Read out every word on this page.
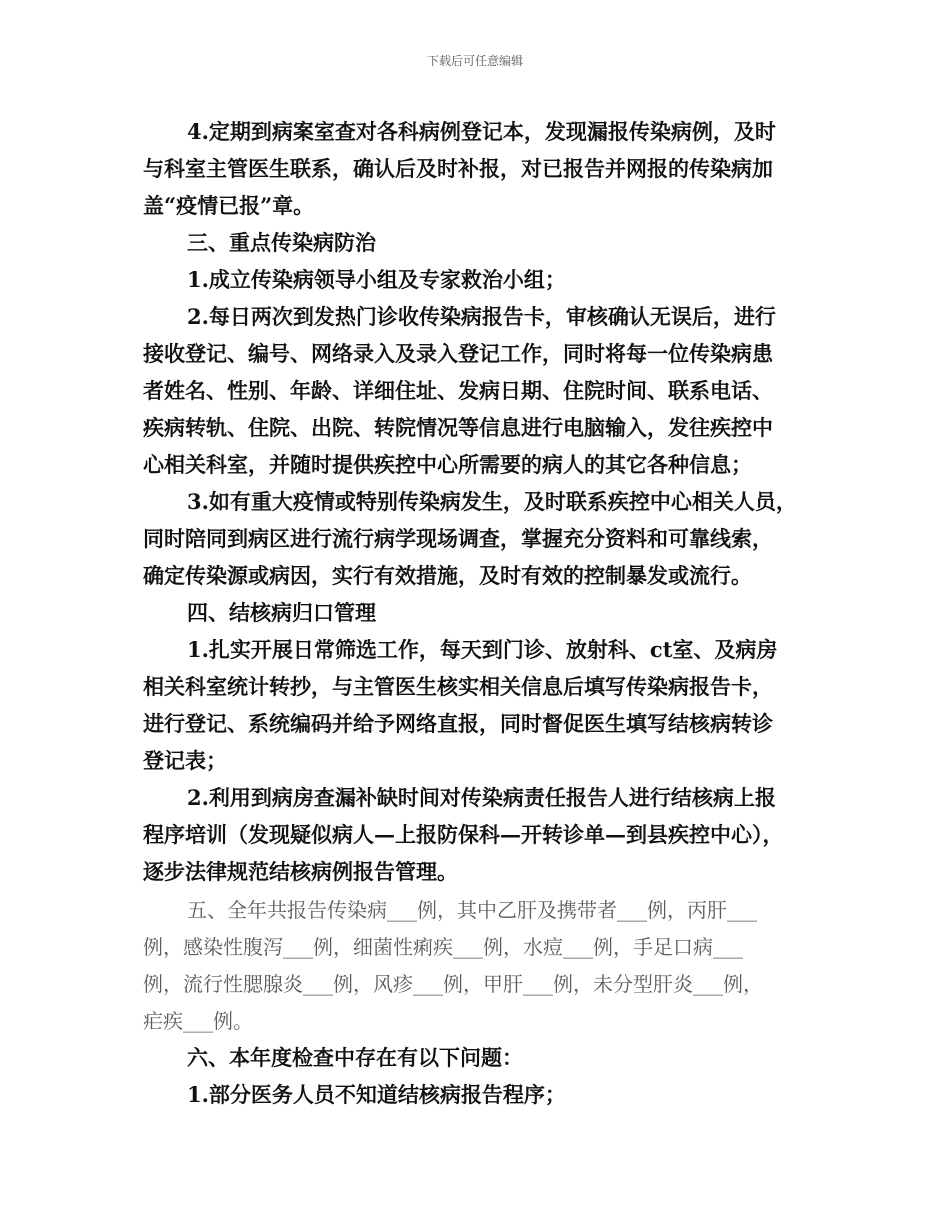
下载后可任意编辑
4.定期到病案室查对各科病例登记本，发现漏报传染病例，及时
与科室主管医生联系，确认后及时补报，对已报告并网报的传染病加
盖“疫情已报”章。
三、重点传染病防治
1.成立传染病领导小组及专家救治小组；
2.每日两次到发热门诊收传染病报告卡，审核确认无误后，进行
接收登记、编号、网络录入及录入登记工作，同时将每一位传染病患
者姓名、性别、年龄、详细住址、发病日期、住院时间、联系电话、
疾病转轨、住院、出院、转院情况等信息进行电脑输入，发往疾控中
心相关科室，并随时提供疾控中心所需要的病人的其它各种信息；
3.如有重大疫情或特别传染病发生，及时联系疾控中心相关人员，
同时陪同到病区进行流行病学现场调查，掌握充分资料和可靠线索，
确定传染源或病因，实行有效措施，及时有效的控制暴发或流行。
四、结核病归口管理
1.扎实开展日常筛选工作，每天到门诊、放射科、ct室、及病房
相关科室统计转抄，与主管医生核实相关信息后填写传染病报告卡，
进行登记、系统编码并给予网络直报，同时督促医生填写结核病转诊
登记表；
2.利用到病房查漏补缺时间对传染病责任报告人进行结核病上报
程序培训（发现疑似病人—上报防保科—开转诊单—到县疾控中心），
逐步法律规范结核病例报告管理。
五、全年共报告传染病___例，其中乙肝及携带者___例，丙肝___
例，感染性腹泻___例，细菌性痢疾___例，水痘___例，手足口病___
例，流行性腮腺炎___例，风疹___例，甲肝___例，未分型肝炎___例，
疟疾___例。
六、本年度检查中存在有以下问题：
1.部分医务人员不知道结核病报告程序；
